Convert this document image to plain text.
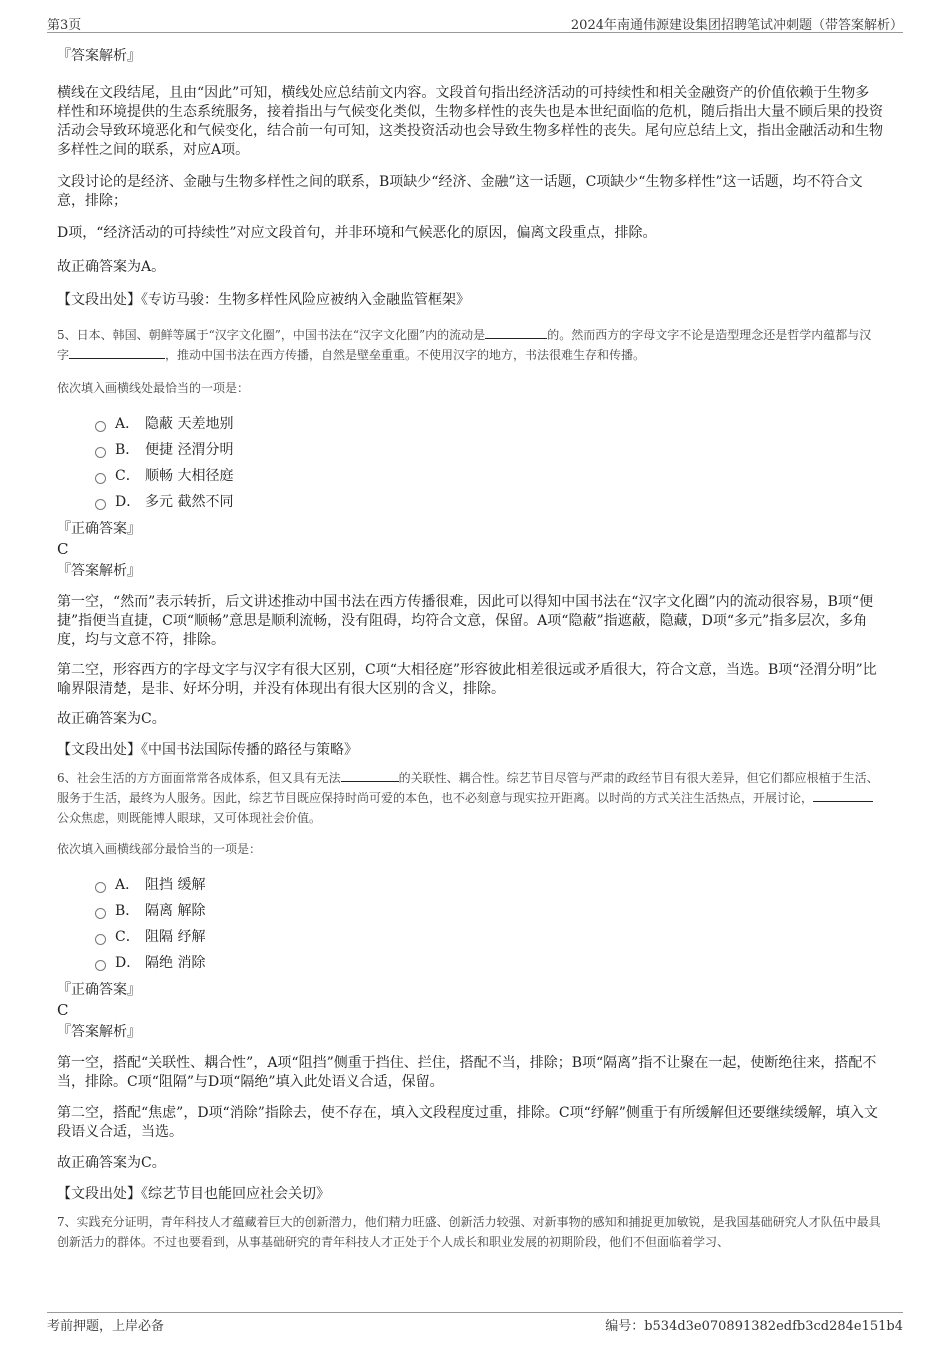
第3页	2024年南通伟源建设集团招聘笔试冲刺题（带答案解析）

『答案解析』

横线在文段结尾，且由“因此”可知，横线处应总结前文内容。文段首句指出经济活动的可持续性和相关金融资产的价值依赖于生物多样性和环境提供的生态系统服务，接着指出与气候变化类似，生物多样性的丧失也是本世纪面临的危机，随后指出大量不顾后果的投资活动会导致环境恶化和气候变化，结合前一句可知，这类投资活动也会导致生物多样性的丧失。尾句应总结上文，指出金融活动和生物多样性之间的联系，对应A项。

文段讨论的是经济、金融与生物多样性之间的联系，B项缺少“经济、金融”这一话题，C项缺少“生物多样性”这一话题，均不符合文意，排除；

D项，“经济活动的可持续性”对应文段首句，并非环境和气候恶化的原因，偏离文段重点，排除。

故正确答案为A。

【文段出处】《专访马骏：生物多样性风险应被纳入金融监管框架》

5、日本、韩国、朝鲜等属于“汉字文化圈”，中国书法在“汉字文化圈”内的流动是	的。然而西方的字母文字不论是造型理念还是哲学内蕴都与汉字	，推动中国书法在西方传播，自然是壁垒重重。不使用汉字的地方，书法很难生存和传播。

依次填入画横线处最恰当的一项是：

A． 隐蔽 天差地别
B． 便捷 泾渭分明
C． 顺畅 大相径庭
D． 多元 截然不同

『正确答案』

C

『答案解析』

第一空，“然而”表示转折，后文讲述推动中国书法在西方传播很难，因此可以得知中国书法在“汉字文化圈”内的流动很容易，B项“便捷”指便当直捷，C项“顺畅”意思是顺利流畅，没有阻碍，均符合文意，保留。A项“隐蔽”指遮蔽，隐藏，D项“多元”指多层次，多角度，均与文意不符，排除。

第二空，形容西方的字母文字与汉字有很大区别，C项“大相径庭”形容彼此相差很远或矛盾很大，符合文意，当选。B项“泾渭分明”比喻界限清楚，是非、好坏分明，并没有体现出有很大区别的含义，排除。

故正确答案为C。

【文段出处】《中国书法国际传播的路径与策略》

6、社会生活的方方面面常常各成体系，但又具有无法	的关联性、耦合性。综艺节目尽管与严肃的政经节目有很大差异，但它们都应根植于生活、服务于生活，最终为人服务。因此，综艺节目既应保持时尚可爱的本色，也不必刻意与现实拉开距离。以时尚的方式关注生活热点，开展讨论，公众焦虑，则既能博人眼球，又可体现社会价值。

依次填入画横线部分最恰当的一项是：

A． 阻挡 缓解
B． 隔离 解除
C． 阻隔 纾解
D． 隔绝 消除

『正确答案』

C

『答案解析』

第一空，搭配“关联性、耦合性”，A项“阻挡”侧重于挡住、拦住，搭配不当，排除；B项“隔离”指不让聚在一起，使断绝往来，搭配不当，排除。C项“阻隔”与D项“隔绝”填入此处语义合适，保留。

第二空，搭配“焦虑”，D项“消除”指除去，使不存在，填入文段程度过重，排除。C项“纾解”侧重于有所缓解但还要继续缓解，填入文段语义合适，当选。

故正确答案为C。

【文段出处】《综艺节目也能回应社会关切》

7、实践充分证明，青年科技人才蕴藏着巨大的创新潜力，他们精力旺盛、创新活力较强、对新事物的感知和捕捉更加敏锐，是我国基础研究人才队伍中最具创新活力的群体。不过也要看到，从事基础研究的青年科技人才正处于个人成长和职业发展的初期阶段，他们不但面临着学习、

考前押题，上岸必备	编号：b534d3e070891382edfb3cd284e151b4
